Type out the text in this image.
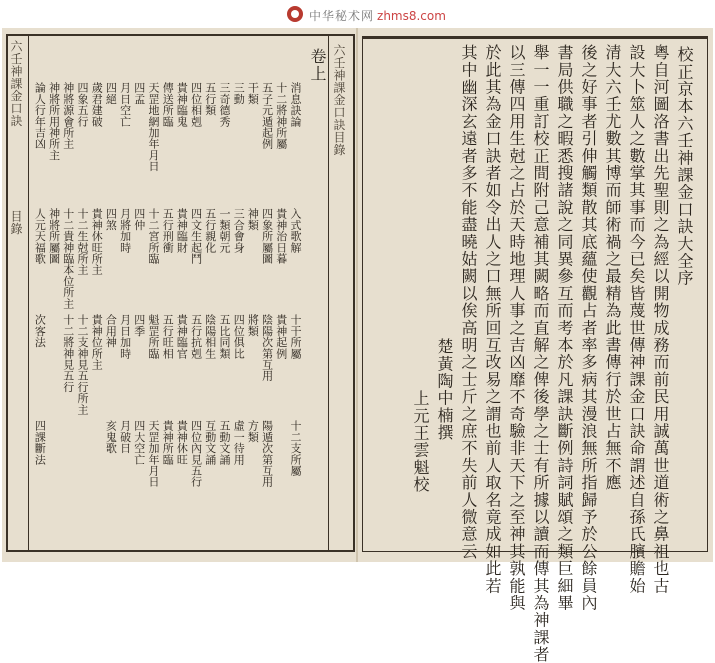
中华秘术网 zhms8.com
六壬神課金口訣
目錄
六壬神課金口訣目錄
卷上
消息訣論
入式歌解
十干所屬
十二支所屬
十二將神所屬
貴神治日暮
貴神起例
五子元遁起例
四象所屬圖
陰陽次第互用
陽遁次第互用
干類
神類
將類
方類
三動
三合會身
四位俱比
虛一待用
三奇德秀
一類朝元
五比同類
五動文誦
五行類
五行親化
陰陽相生
互動文誦
四位相剋
四文生起鬥
五行抗剋
四位內見五行
貴神臨鬼
貴神臨財
貴神臨官
貴神休旺
傳送所臨
五行刑衝
五行旺相
貴神所臨
天罡地網加年月日
十二宮所臨
魁罡所臨
天罡加年月日
四孟
四仲
四季
四大空亡
月日空亡
月將加時
月日加時
月破日
四絕
四煞
合用神
亥鬼歌
歲君建破
貴神休旺所主
貴神位所主
四象五行
十二生尅所主
十二支神見五行所主
神將源會所主
十二貴神臨本位所主
十二將神見五行
神將所用神所主
神將所屬圖
論人行年吉凶
人元天福歌
次客法
四課斷法
校正京本六壬神課金口訣大全序
粵自河圖洛書出先聖則之為經以開物成務而前民用誠萬世道術之鼻祖也古
設大卜筮人之數掌其事而今已矣皆蔑世傳神課金口訣命謂述自孫氏臏贍始
清大六壬尤數其博而師術禍之最精為此書傳行於世占無不應
後之好事者引伸觸類散其底蘊使觀占者率多病其漫浪無所指歸予於公餘員內
書局供職之暇悉搜諸說之同異參互而考本於凡課訣斷例詩詞賦頌之類巨細畢
舉一一重訂校正間附己意補其闕略而直解之俾後學之士有所據以讀而傳其為神課者
以三傳四用生尅之占於天時地理人事之吉凶靡不奇驗非天下之至神其孰能與
於此其為金口訣者如令出人之口無所回互改易之謂也前人取名竟成如此若
其中幽深玄遠者多不能盡曉姑闕以俟高明之士斤之庶不失前人微意云
楚黃陶中楠撰
上元王雲魁校
